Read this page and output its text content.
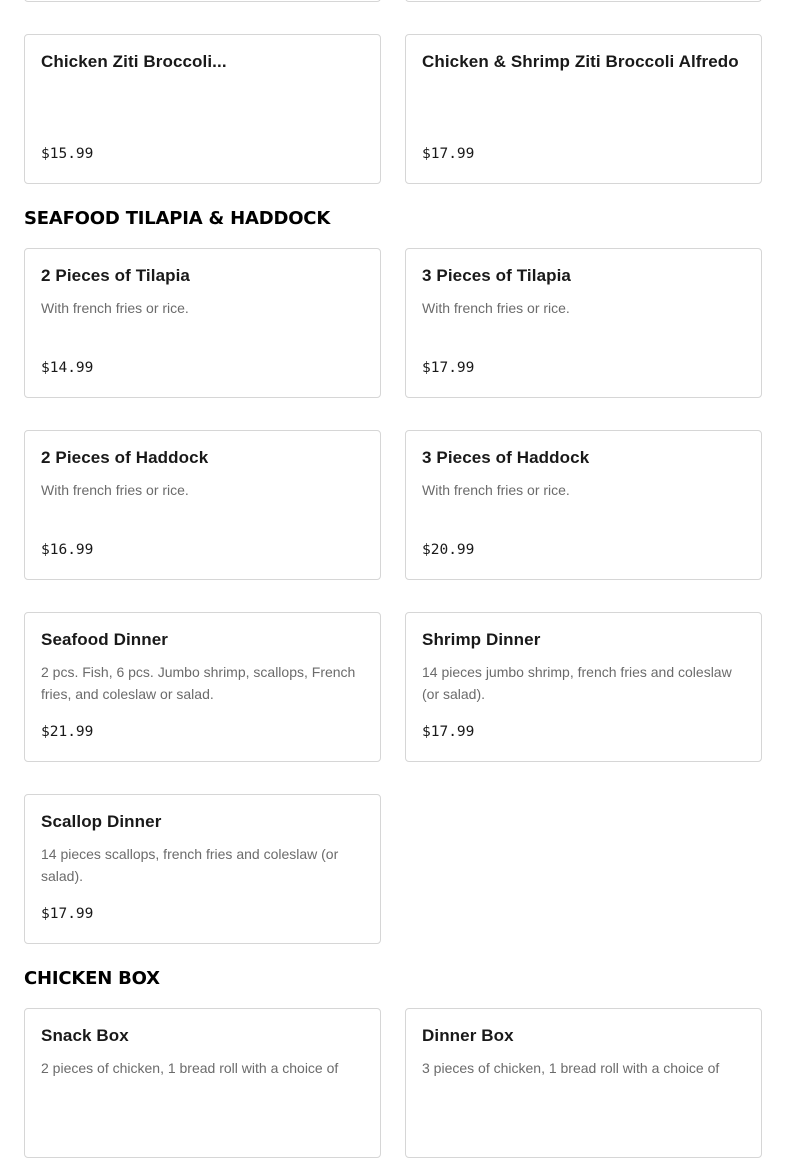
Chicken Ziti Broccoli...
$15.99
Chicken & Shrimp Ziti Broccoli Alfredo
$17.99
SEAFOOD TILAPIA & HADDOCK
2 Pieces of Tilapia
With french fries or rice.
$14.99
3 Pieces of Tilapia
With french fries or rice.
$17.99
2 Pieces of Haddock
With french fries or rice.
$16.99
3 Pieces of Haddock
With french fries or rice.
$20.99
Seafood Dinner
2 pcs. Fish, 6 pcs. Jumbo shrimp, scallops, French fries, and coleslaw or salad.
$21.99
Shrimp Dinner
14 pieces jumbo shrimp, french fries and coleslaw (or salad).
$17.99
Scallop Dinner
14 pieces scallops, french fries and coleslaw (or salad).
$17.99
CHICKEN BOX
Snack Box
2 pieces of chicken, 1 bread roll with a choice of
Dinner Box
3 pieces of chicken, 1 bread roll with a choice of
